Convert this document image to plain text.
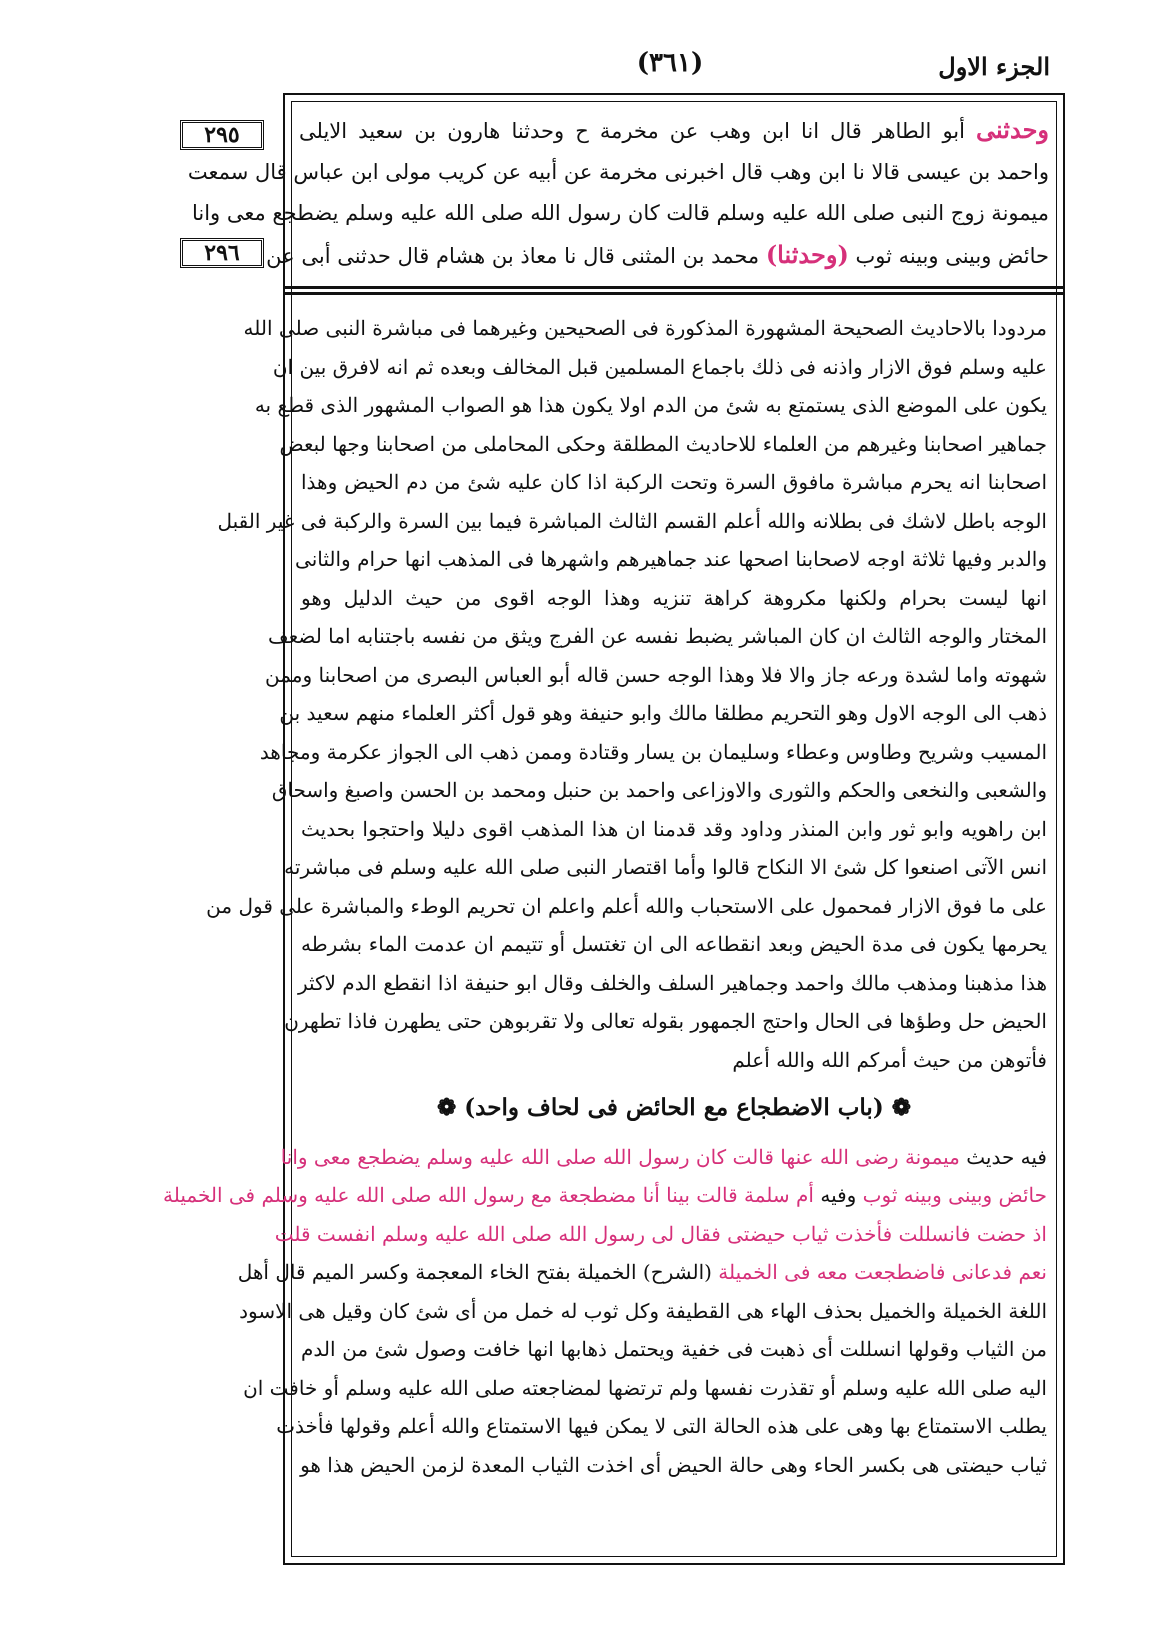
الجزء الاول
(٣٦١)
٢٩٥
٢٩٦
وحدثنى أبو الطاهر قال انا ابن وهب عن مخرمة ح وحدثنا هارون بن سعيد الايلى
واحمد بن عيسى قالا نا ابن وهب قال اخبرنى مخرمة عن أبيه عن كريب مولى ابن عباس قال سمعت
ميمونة زوج النبى صلى الله عليه وسلم قالت كان رسول الله صلى الله عليه وسلم يضطجع معى وانا
حائض وبينى وبينه ثوب (وحدثنا) محمد بن المثنى قال نا معاذ بن هشام قال حدثنى أبى عن
مردودا بالاحاديث الصحيحة المشهورة المذكورة فى الصحيحين وغيرهما فى مباشرة النبى صلى الله
عليه وسلم فوق الازار واذنه فى ذلك باجماع المسلمين قبل المخالف وبعده ثم انه لافرق بين ان
يكون على الموضع الذى يستمتع به شئ من الدم اولا يكون هذا هو الصواب المشهور الذى قطع به
جماهير اصحابنا وغيرهم من العلماء للاحاديث المطلقة وحكى المحاملى من اصحابنا وجها لبعض
اصحابنا انه يحرم مباشرة مافوق السرة وتحت الركبة اذا كان عليه شئ من دم الحيض وهذا
الوجه باطل لاشك فى بطلانه والله أعلم القسم الثالث المباشرة فيما بين السرة والركبة فى غير القبل
والدبر وفيها ثلاثة اوجه لاصحابنا اصحها عند جماهيرهم واشهرها فى المذهب انها حرام والثانى
انها ليست بحرام ولكنها مكروهة كراهة تنزيه وهذا الوجه اقوى من حيث الدليل وهو
المختار والوجه الثالث ان كان المباشر يضبط نفسه عن الفرج ويثق من نفسه باجتنابه اما لضعف
شهوته واما لشدة ورعه جاز والا فلا وهذا الوجه حسن قاله أبو العباس البصرى من اصحابنا وممن
ذهب الى الوجه الاول وهو التحريم مطلقا مالك وابو حنيفة وهو قول أكثر العلماء منهم سعيد بن
المسيب وشريح وطاوس وعطاء وسليمان بن يسار وقتادة وممن ذهب الى الجواز عكرمة ومجاهد
والشعبى والنخعى والحكم والثورى والاوزاعى واحمد بن حنبل ومحمد بن الحسن واصبغ واسحاق
ابن راهويه وابو ثور وابن المنذر وداود وقد قدمنا ان هذا المذهب اقوى دليلا واحتجوا بحديث
انس الآتى اصنعوا كل شئ الا النكاح قالوا وأما اقتصار النبى صلى الله عليه وسلم فى مباشرته
على ما فوق الازار فمحمول على الاستحباب والله أعلم واعلم ان تحريم الوطء والمباشرة على قول من
يحرمها يكون فى مدة الحيض وبعد انقطاعه الى ان تغتسل أو تتيمم ان عدمت الماء بشرطه
هذا مذهبنا ومذهب مالك واحمد وجماهير السلف والخلف وقال ابو حنيفة اذا انقطع الدم لاكثر
الحيض حل وطؤها فى الحال واحتج الجمهور بقوله تعالى ولا تقربوهن حتى يطهرن فاذا تطهرن
فأتوهن من حيث أمركم الله والله أعلم
❁ (باب الاضطجاع مع الحائض فى لحاف واحد) ❁
فيه حديث ميمونة رضى الله عنها قالت كان رسول الله صلى الله عليه وسلم يضطجع معى وانا
حائض وبينى وبينه ثوب وفيه أم سلمة قالت بينا أنا مضطجعة مع رسول الله صلى الله عليه وسلم فى الخميلة
اذ حضت فانسللت فأخذت ثياب حيضتى فقال لى رسول الله صلى الله عليه وسلم انفست قلت
نعم فدعانى فاضطجعت معه فى الخميلة (الشرح) الخميلة بفتح الخاء المعجمة وكسر الميم قال أهل
اللغة الخميلة والخميل بحذف الهاء هى القطيفة وكل ثوب له خمل من أى شئ كان وقيل هى الاسود
من الثياب وقولها انسللت أى ذهبت فى خفية ويحتمل ذهابها انها خافت وصول شئ من الدم
اليه صلى الله عليه وسلم أو تقذرت نفسها ولم ترتضها لمضاجعته صلى الله عليه وسلم أو خافت ان
يطلب الاستمتاع بها وهى على هذه الحالة التى لا يمكن فيها الاستمتاع والله أعلم وقولها فأخذت
ثياب حيضتى هى بكسر الحاء وهى حالة الحيض أى اخذت الثياب المعدة لزمن الحيض هذا هو
